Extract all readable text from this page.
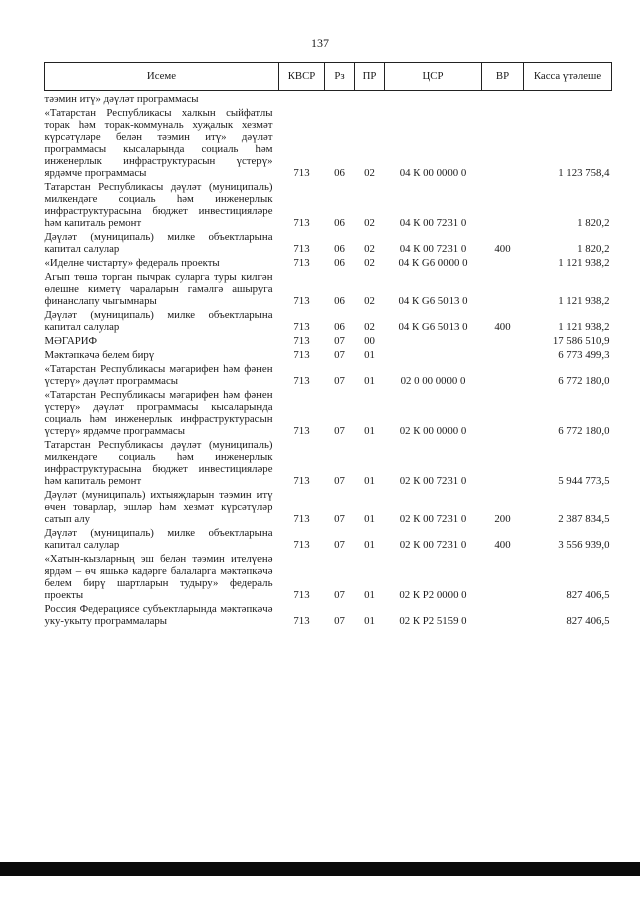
137
Исеме	КВСР	Рз	ПР	ЦСР	ВР	Касса үтәлеше
тәэмин итү» дәүләт программасы						
«Татарстан Республикасы халкын сыйфатлы торак һәм торак-коммуналь хуҗалык хезмәт күрсәтүләре белән тәэмин итү» дәүләт программасы кысаларында социаль һәм инженерлык инфраструктурасын үстерү» ярдәмче программасы	713	06	02	04 К 00 0000 0		1 123 758,4
Татарстан Республикасы дәүләт (муниципаль) милкендәге социаль һәм инженерлык инфраструктурасына бюджет инвестицияләре һәм капиталь ремонт	713	06	02	04 К 00 7231 0		1 820,2
Дәүләт (муниципаль) милке объектларына капитал салулар	713	06	02	04 К 00 7231 0	400	1 820,2
«Иделне чистарту» федераль проекты	713	06	02	04 К G6 0000 0		1 121 938,2
Агып төшә торган пычрак суларга туры килгән өлешне киметү чараларын гамәлгә ашыруга финанслапу чыгымнары	713	06	02	04 К G6 5013 0		1 121 938,2
Дәүләт (муниципаль) милке объектларына капитал салулар	713	06	02	04 К G6 5013 0	400	1 121 938,2
МӘГАРИФ	713	07	00			17 586 510,9
Мәктәпкәчә белем бирү	713	07	01			6 773 499,3
«Татарстан Республикасы мәгарифен һәм фәнен үстерү» дәүләт программасы	713	07	01	02 0 00 0000 0		6 772 180,0
«Татарстан Республикасы мәгарифен һәм фәнен үстерү» дәүләт программасы кысаларында социаль һәм инженерлык инфраструктурасын үстерү» ярдәмче программасы	713	07	01	02 К 00 0000 0		6 772 180,0
Татарстан Республикасы дәүләт (муниципаль) милкендәге социаль һәм инженерлык инфраструктурасына бюджет инвестицияләре һәм капиталь ремонт	713	07	01	02 К 00 7231 0		5 944 773,5
Дәүләт (муниципаль) ихтыяҗларын тәэмин итү өчен товарлар, эшләр һәм хезмәт күрсәтүләр сатып алу	713	07	01	02 К 00 7231 0	200	2 387 834,5
Дәүләт (муниципаль) милке объектларына капитал салулар	713	07	01	02 К 00 7231 0	400	3 556 939,0
«Хатын-кызларның эш белән тәэмин ителүенә ярдәм – өч яшькә кадәрге балаларга мәктәпкәчә белем бирү шартларын тудыру» федераль проекты	713	07	01	02 К Р2 0000 0		827 406,5
Россия Федерациясе субъектларында мәктәпкәчә уку-укыту программалары	713	07	01	02 К Р2 5159 0		827 406,5
